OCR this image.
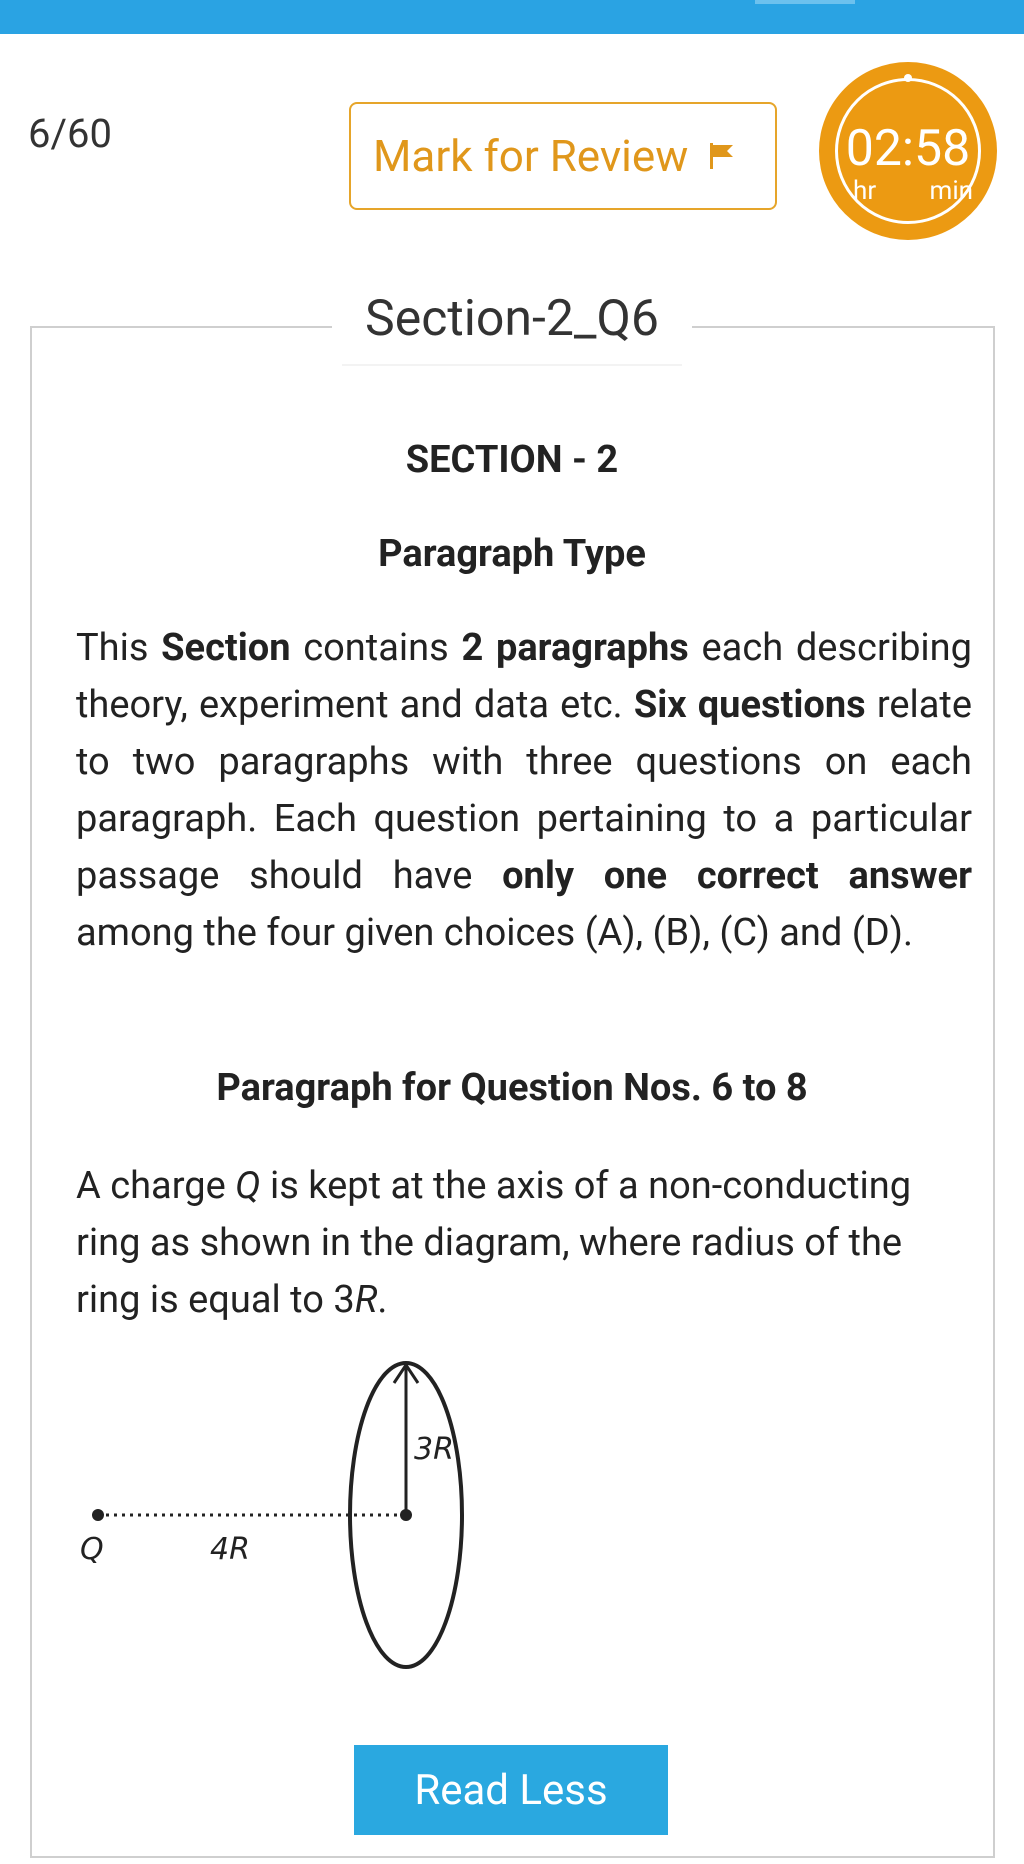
6/60	Mark for Review	02:58
hr min
Section-2_Q6
SECTION - 2
Paragraph Type
This Section contains 2 paragraphs each describing theory, experiment and data etc. Six questions relate to two paragraphs with three questions on each paragraph. Each question pertaining to a particular passage should have only one correct answer among the four given choices (A), (B), (C) and (D).
Paragraph for Question Nos. 6 to 8
A charge Q is kept at the axis of a non-conducting ring as shown in the diagram, where radius of the ring is equal to 3R.
Q	4R
3R
Read Less
